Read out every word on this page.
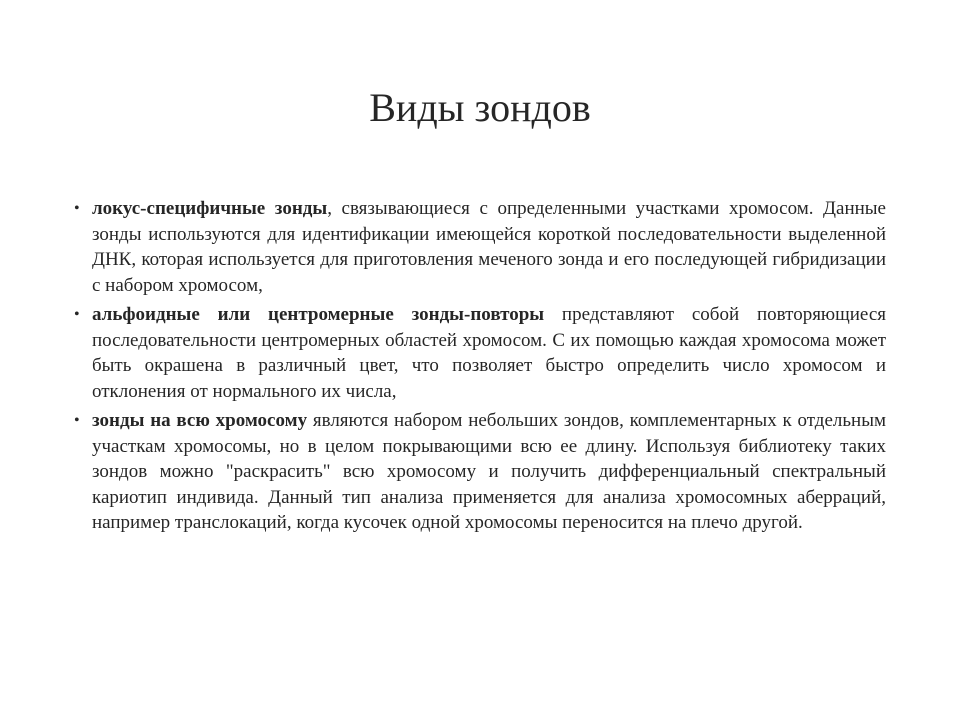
Виды зондов
• локус-специфичные зонды, связывающиеся с определенными участками хромосом. Данные зонды используются для идентификации имеющейся короткой последовательности выделенной ДНК, которая используется для приготовления меченого зонда и его последующей гибридизации с набором хромосом,
• альфоидные или центромерные зонды-повторы представляют собой повторяющиеся последовательности центромерных областей хромосом. С их помощью каждая хромосома может быть окрашена в различный цвет, что позволяет быстро определить число хромосом и отклонения от нормального их числа,
• зонды на всю хромосому являются набором небольших зондов, комплементарных к отдельным участкам хромосомы, но в целом покрывающими всю ее длину. Используя библиотеку таких зондов можно "раскрасить" всю хромосому и получить дифференциальный спектральный кариотип индивида. Данный тип анализа применяется для анализа хромосомных аберраций, например транслокаций, когда кусочек одной хромосомы переносится на плечо другой.
